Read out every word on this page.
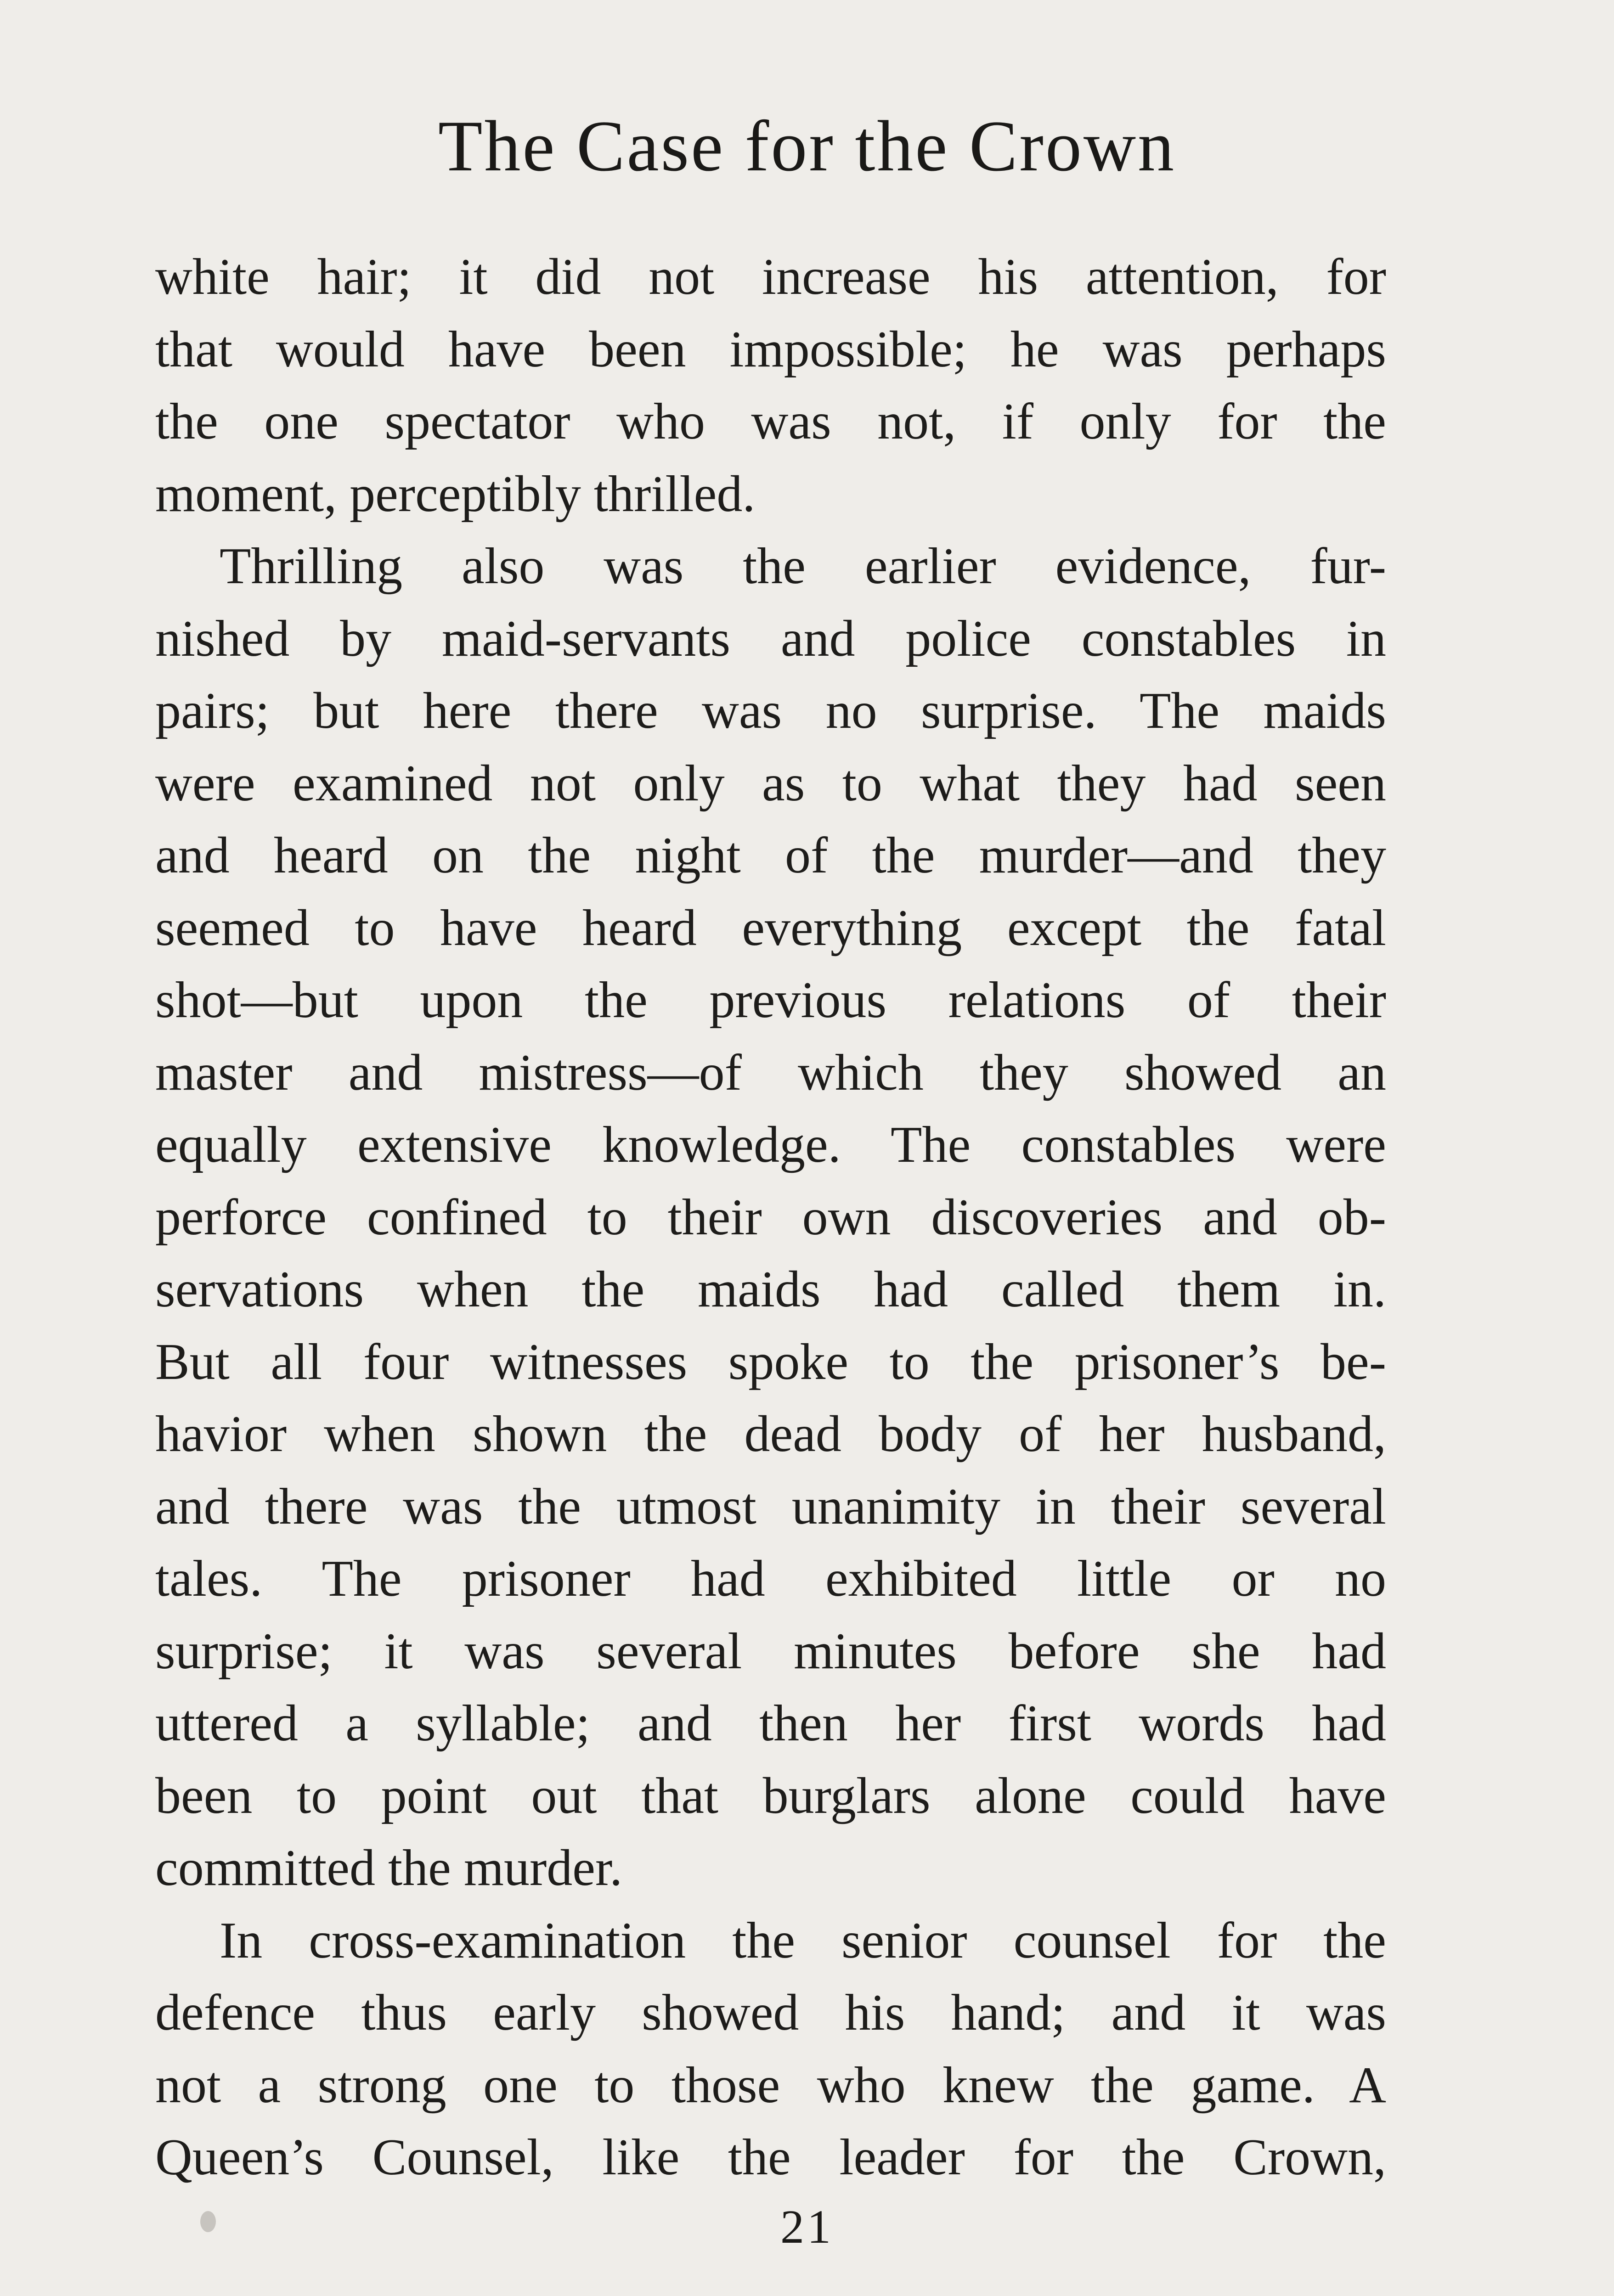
The Case for the Crown
white hair; it did not increase his attention, for
that would have been impossible; he was perhaps
the one spectator who was not, if only for the
moment, perceptibly thrilled.
Thrilling also was the earlier evidence, fur-
nished by maid-servants and police constables in
pairs; but here there was no surprise. The maids
were examined not only as to what they had seen
and heard on the night of the murder—and they
seemed to have heard everything except the fatal
shot—but upon the previous relations of their
master and mistress—of which they showed an
equally extensive knowledge. The constables were
perforce confined to their own discoveries and ob-
servations when the maids had called them in.
But all four witnesses spoke to the prisoner’s be-
havior when shown the dead body of her husband,
and there was the utmost unanimity in their several
tales. The prisoner had exhibited little or no
surprise; it was several minutes before she had
uttered a syllable; and then her first words had
been to point out that burglars alone could have
committed the murder.
In cross-examination the senior counsel for the
defence thus early showed his hand; and it was
not a strong one to those who knew the game. A
Queen’s Counsel, like the leader for the Crown,
21
